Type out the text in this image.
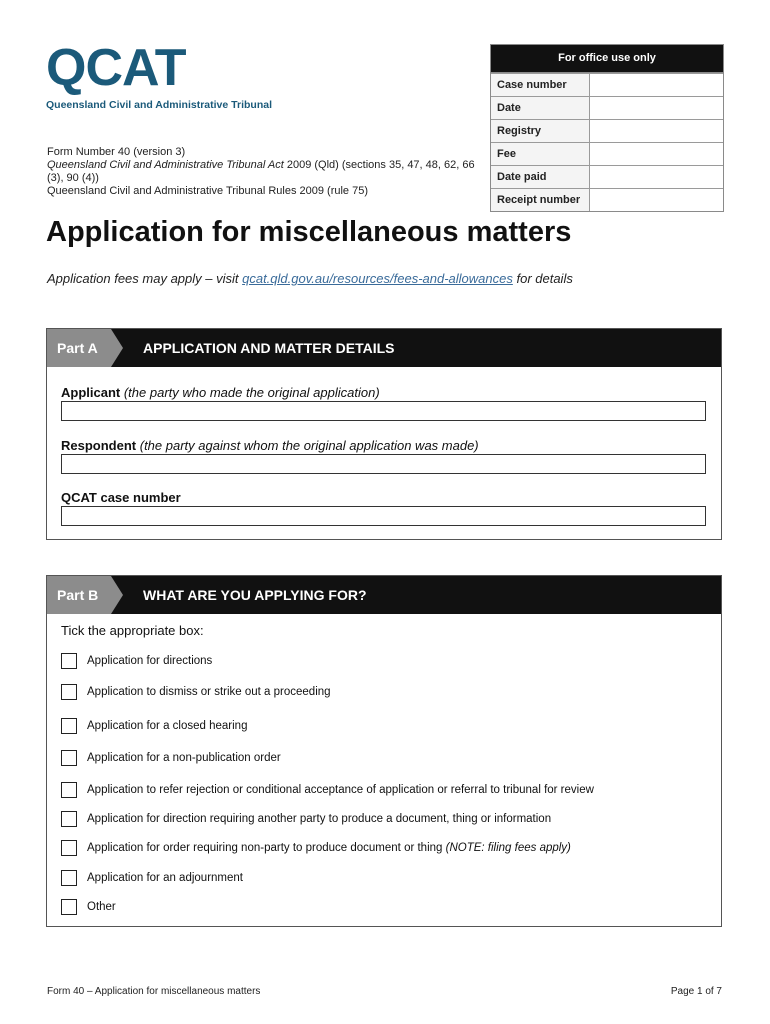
QCAT
Queensland Civil and Administrative Tribunal
Form Number 40 (version 3)
Queensland Civil and Administrative Tribunal Act 2009 (Qld) (sections 35, 47, 48, 62, 66 (3), 90 (4))
Queensland Civil and Administrative Tribunal Rules 2009 (rule 75)
For office use only
Case number
Date
Registry
Fee
Date paid
Receipt number
Application for miscellaneous matters
Application fees may apply – visit qcat.qld.gov.au/resources/fees-and-allowances for details
Part A	APPLICATION AND MATTER DETAILS
Applicant (the party who made the original application)
Respondent (the party against whom the original application was made)
QCAT case number
Part B	WHAT ARE YOU APPLYING FOR?
Tick the appropriate box:
Application for directions
Application to dismiss or strike out a proceeding
Application for a closed hearing
Application for a non-publication order
Application to refer rejection or conditional acceptance of application or referral to tribunal for review
Application for direction requiring another party to produce a document, thing or information
Application for order requiring non-party to produce document or thing (NOTE: filing fees apply)
Application for an adjournment
Other
Form 40 – Application for miscellaneous matters	Page 1 of 7
